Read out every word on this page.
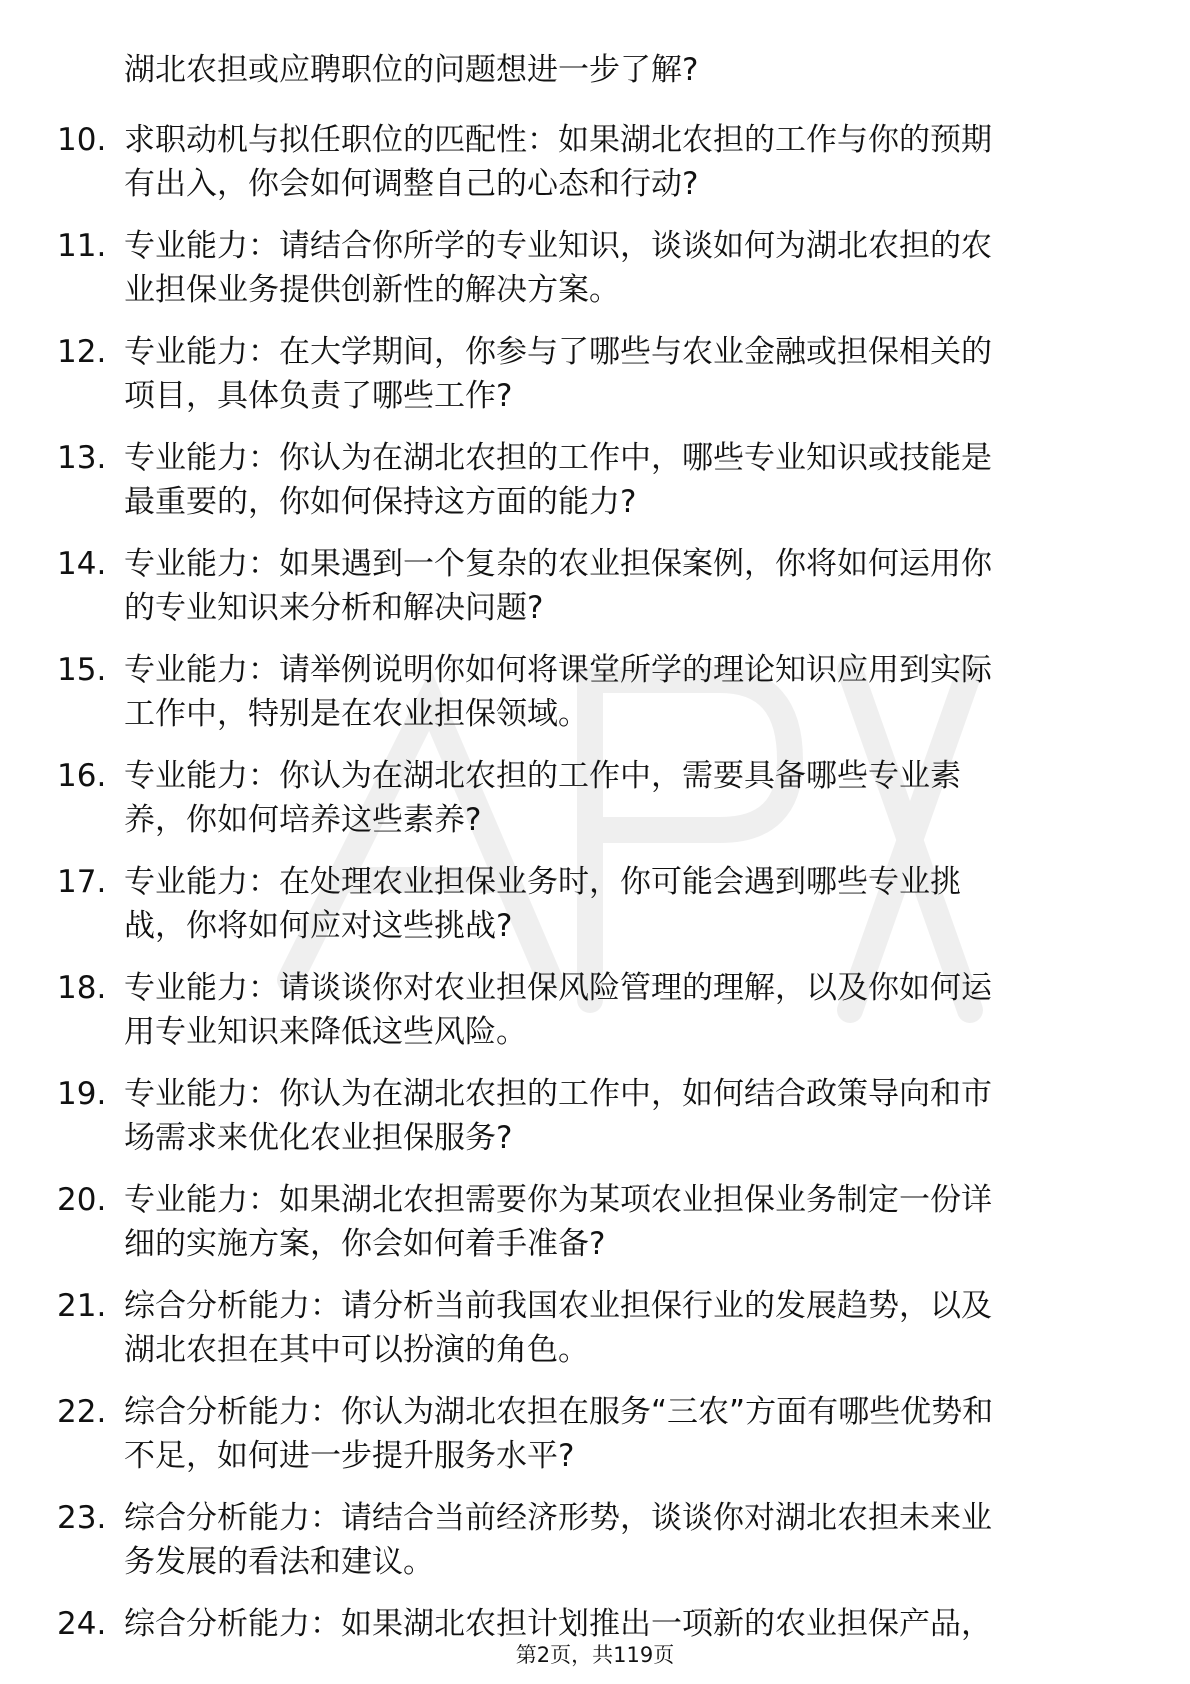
湖北农担或应聘职位的问题想进一步了解?
10. 求职动机与拟任职位的匹配性：如果湖北农担的工作与你的预期
有出入，你会如何调整自己的心态和行动?
11. 专业能力：请结合你所学的专业知识，谈谈如何为湖北农担的农
业担保业务提供创新性的解决方案。
12. 专业能力：在大学期间，你参与了哪些与农业金融或担保相关的
项目，具体负责了哪些工作?
13. 专业能力：你认为在湖北农担的工作中，哪些专业知识或技能是
最重要的，你如何保持这方面的能力?
14. 专业能力：如果遇到一个复杂的农业担保案例，你将如何运用你
的专业知识来分析和解决问题?
15. 专业能力：请举例说明你如何将课堂所学的理论知识应用到实际
工作中，特别是在农业担保领域。
16. 专业能力：你认为在湖北农担的工作中，需要具备哪些专业素
养，你如何培养这些素养?
17. 专业能力：在处理农业担保业务时，你可能会遇到哪些专业挑
战，你将如何应对这些挑战?
18. 专业能力：请谈谈你对农业担保风险管理的理解，以及你如何运
用专业知识来降低这些风险。
19. 专业能力：你认为在湖北农担的工作中，如何结合政策导向和市
场需求来优化农业担保服务?
20. 专业能力：如果湖北农担需要你为某项农业担保业务制定一份详
细的实施方案，你会如何着手准备?
21. 综合分析能力：请分析当前我国农业担保行业的发展趋势，以及
湖北农担在其中可以扮演的角色。
22. 综合分析能力：你认为湖北农担在服务“三农”方面有哪些优势和
不足，如何进一步提升服务水平?
23. 综合分析能力：请结合当前经济形势，谈谈你对湖北农担未来业
务发展的看法和建议。
24. 综合分析能力：如果湖北农担计划推出一项新的农业担保产品，
第2页，共119页
